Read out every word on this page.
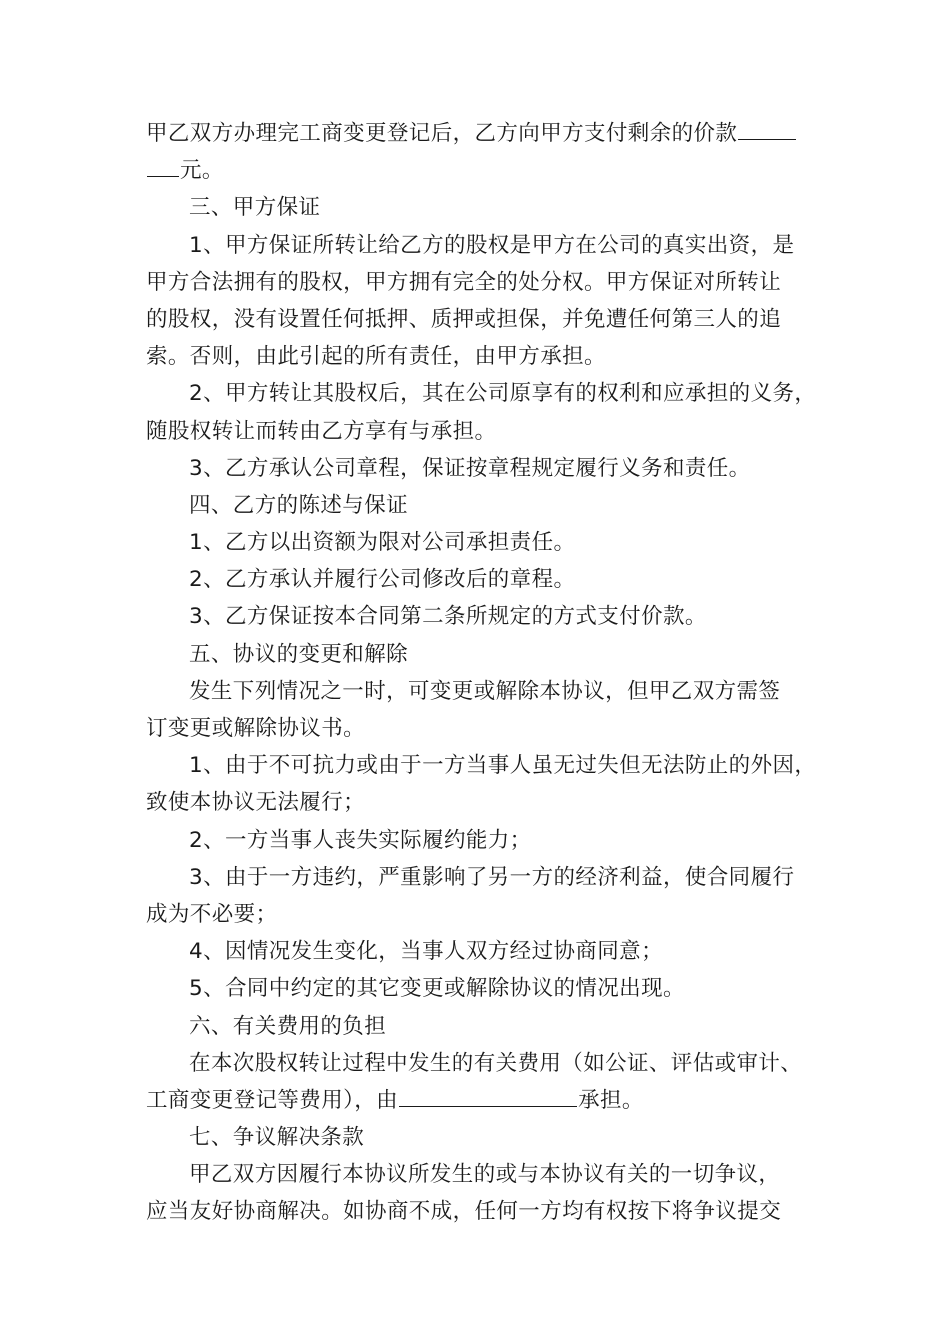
甲乙双方办理完工商变更登记后，乙方向甲方支付剩余的价款
元。
三、甲方保证
1、甲方保证所转让给乙方的股权是甲方在公司的真实出资，是
甲方合法拥有的股权，甲方拥有完全的处分权。甲方保证对所转让
的股权，没有设置任何抵押、质押或担保，并免遭任何第三人的追
索。否则，由此引起的所有责任，由甲方承担。
2、甲方转让其股权后，其在公司原享有的权利和应承担的义务，
随股权转让而转由乙方享有与承担。
3、乙方承认公司章程，保证按章程规定履行义务和责任。
四、乙方的陈述与保证
1、乙方以出资额为限对公司承担责任。
2、乙方承认并履行公司修改后的章程。
3、乙方保证按本合同第二条所规定的方式支付价款。
五、协议的变更和解除
发生下列情况之一时，可变更或解除本协议，但甲乙双方需签
订变更或解除协议书。
1、由于不可抗力或由于一方当事人虽无过失但无法防止的外因，
致使本协议无法履行；
2、一方当事人丧失实际履约能力；
3、由于一方违约，严重影响了另一方的经济利益，使合同履行
成为不必要；
4、因情况发生变化，当事人双方经过协商同意；
5、合同中约定的其它变更或解除协议的情况出现。
六、有关费用的负担
在本次股权转让过程中发生的有关费用（如公证、评估或审计、
工商变更登记等费用），由	承担。
七、争议解决条款
甲乙双方因履行本协议所发生的或与本协议有关的一切争议，
应当友好协商解决。如协商不成，任何一方均有权按下将争议提交
